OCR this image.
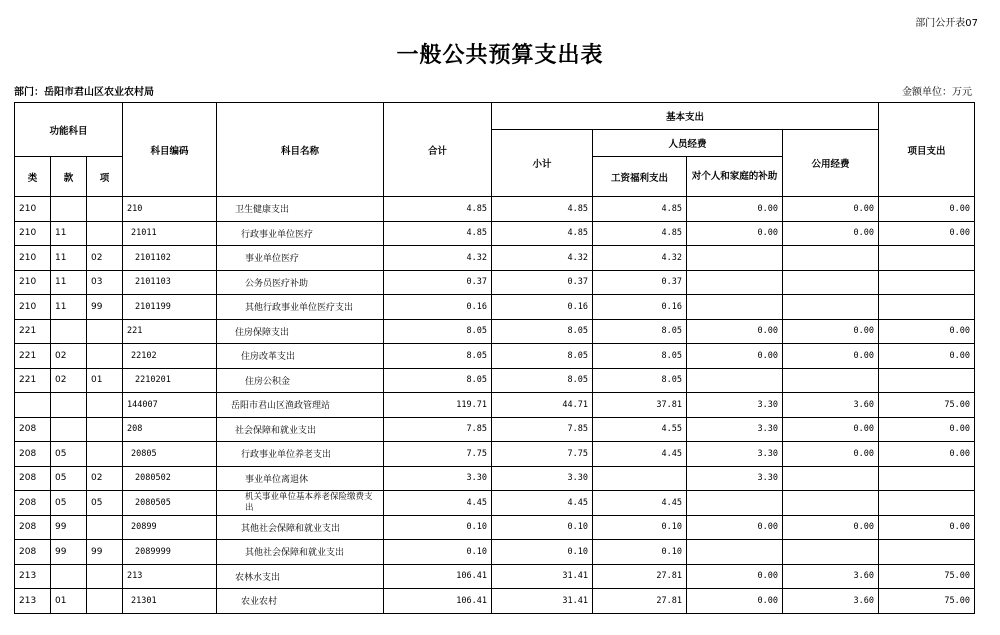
部门公开表07
一般公共预算支出表
部门：岳阳市君山区农业农村局	金额单位：万元
功能科目			科目编码	科目名称	合计	基本支出				项目支出
						小计	人员经费		公用经费	
类	款	项					工资福利支出	对个人和家庭的补助		
210			210	卫生健康支出	4.85	4.85	4.85	0.00	0.00	0.00
210	11		21011	行政事业单位医疗	4.85	4.85	4.85	0.00	0.00	0.00
210	11	02	2101102	事业单位医疗	4.32	4.32	4.32			
210	11	03	2101103	公务员医疗补助	0.37	0.37	0.37			
210	11	99	2101199	其他行政事业单位医疗支出	0.16	0.16	0.16			
221			221	住房保障支出	8.05	8.05	8.05	0.00	0.00	0.00
221	02		22102	住房改革支出	8.05	8.05	8.05	0.00	0.00	0.00
221	02	01	2210201	住房公积金	8.05	8.05	8.05			
			144007	岳阳市君山区渔政管理站	119.71	44.71	37.81	3.30	3.60	75.00
208			208	社会保障和就业支出	7.85	7.85	4.55	3.30	0.00	0.00
208	05		20805	行政事业单位养老支出	7.75	7.75	4.45	3.30	0.00	0.00
208	05	02	2080502	事业单位离退休	3.30	3.30		3.30		
208	05	05	2080505	机关事业单位基本养老保险缴费支出	4.45	4.45	4.45			
208	99		20899	其他社会保障和就业支出	0.10	0.10	0.10	0.00	0.00	0.00
208	99	99	2089999	其他社会保障和就业支出	0.10	0.10	0.10			
213			213	农林水支出	106.41	31.41	27.81	0.00	3.60	75.00
213	01		21301	农业农村	106.41	31.41	27.81	0.00	3.60	75.00
